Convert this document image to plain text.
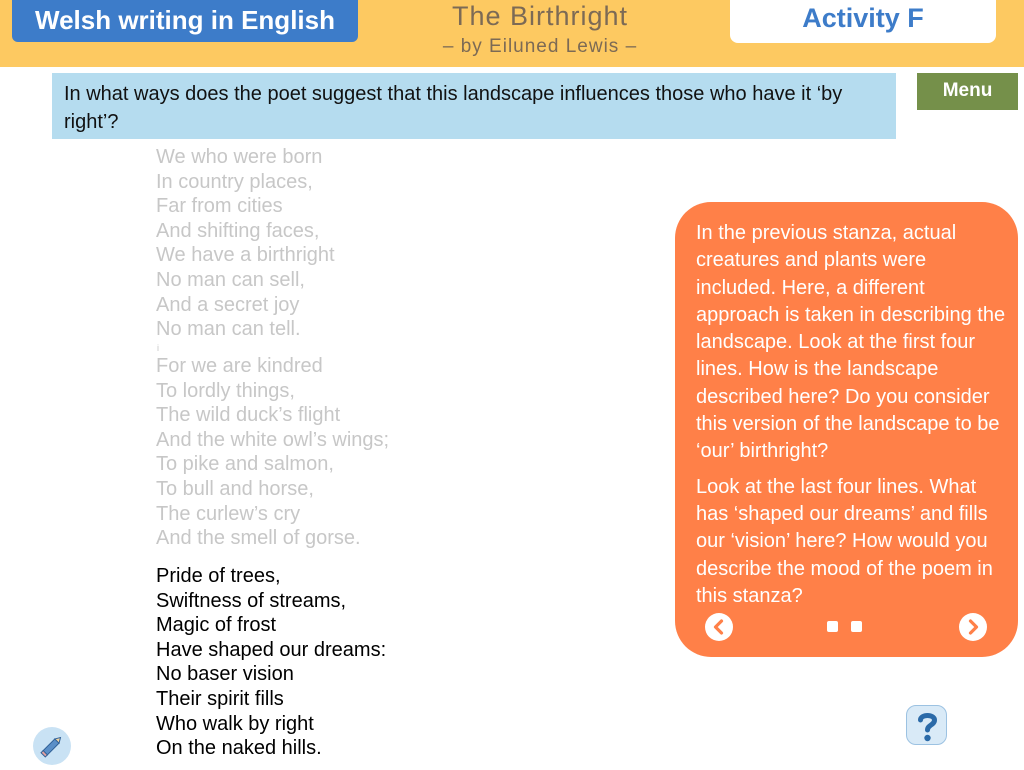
Welsh writing in English	The Birthright
– by Eiluned Lewis –
Activity F
In what ways does the poet suggest that this landscape influences those who have it ‘by right’?
Menu
We who were born
In country places,
Far from cities
And shifting faces,
We have a birthright
No man can sell,
And a secret joy
No man can tell.
i
For we are kindred
To lordly things,
The wild duck’s flight
And the white owl’s wings;
To pike and salmon,
To bull and horse,
The curlew’s cry
And the smell of gorse.
Pride of trees,
Swiftness of streams,
Magic of frost
Have shaped our dreams:
No baser vision
Their spirit fills
Who walk by right
On the naked hills.

In the previous stanza, actual creatures and plants were included. Here, a different approach is taken in describing the landscape. Look at the first four lines. How is the landscape described here? Do you consider this version of the landscape to be ‘our’ birthright?

Look at the last four lines. What has ‘shaped our dreams’ and fills our ‘vision’ here? How would you describe the mood of the poem in this stanza?
